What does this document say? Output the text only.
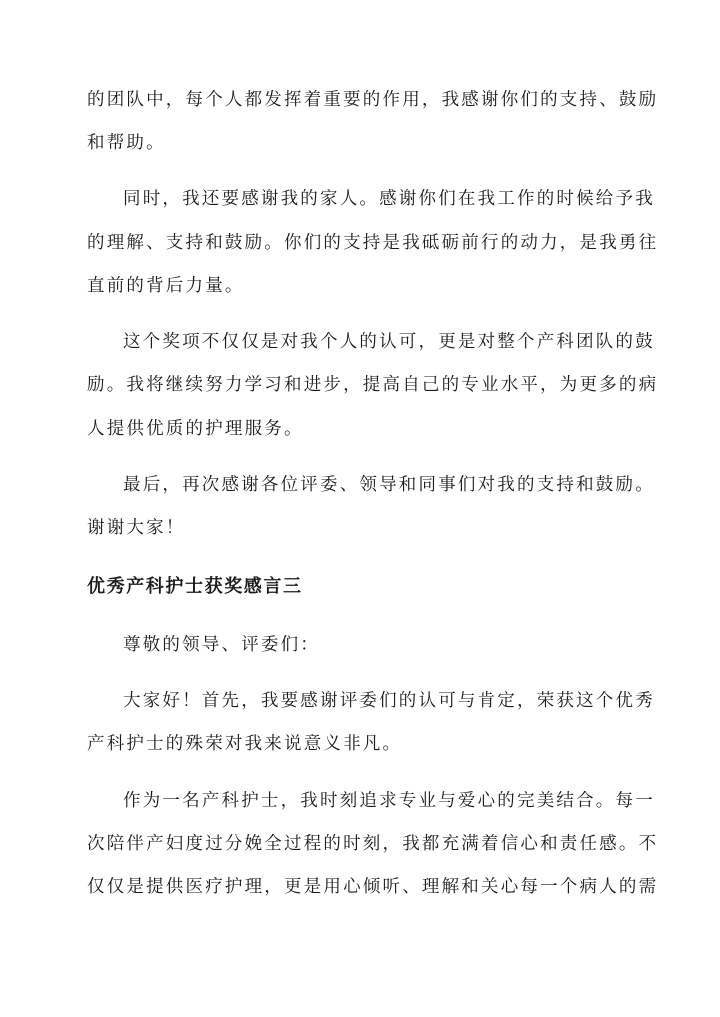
的团队中，每个人都发挥着重要的作用，我感谢你们的支持、鼓励
和帮助。
同时，我还要感谢我的家人。感谢你们在我工作的时候给予我
的理解、支持和鼓励。你们的支持是我砥砺前行的动力，是我勇往
直前的背后力量。
这个奖项不仅仅是对我个人的认可，更是对整个产科团队的鼓
励。我将继续努力学习和进步，提高自己的专业水平，为更多的病
人提供优质的护理服务。
最后，再次感谢各位评委、领导和同事们对我的支持和鼓励。
谢谢大家！
优秀产科护士获奖感言三
尊敬的领导、评委们：
大家好！首先，我要感谢评委们的认可与肯定，荣获这个优秀
产科护士的殊荣对我来说意义非凡。
作为一名产科护士，我时刻追求专业与爱心的完美结合。每一
次陪伴产妇度过分娩全过程的时刻，我都充满着信心和责任感。不
仅仅是提供医疗护理，更是用心倾听、理解和关心每一个病人的需
